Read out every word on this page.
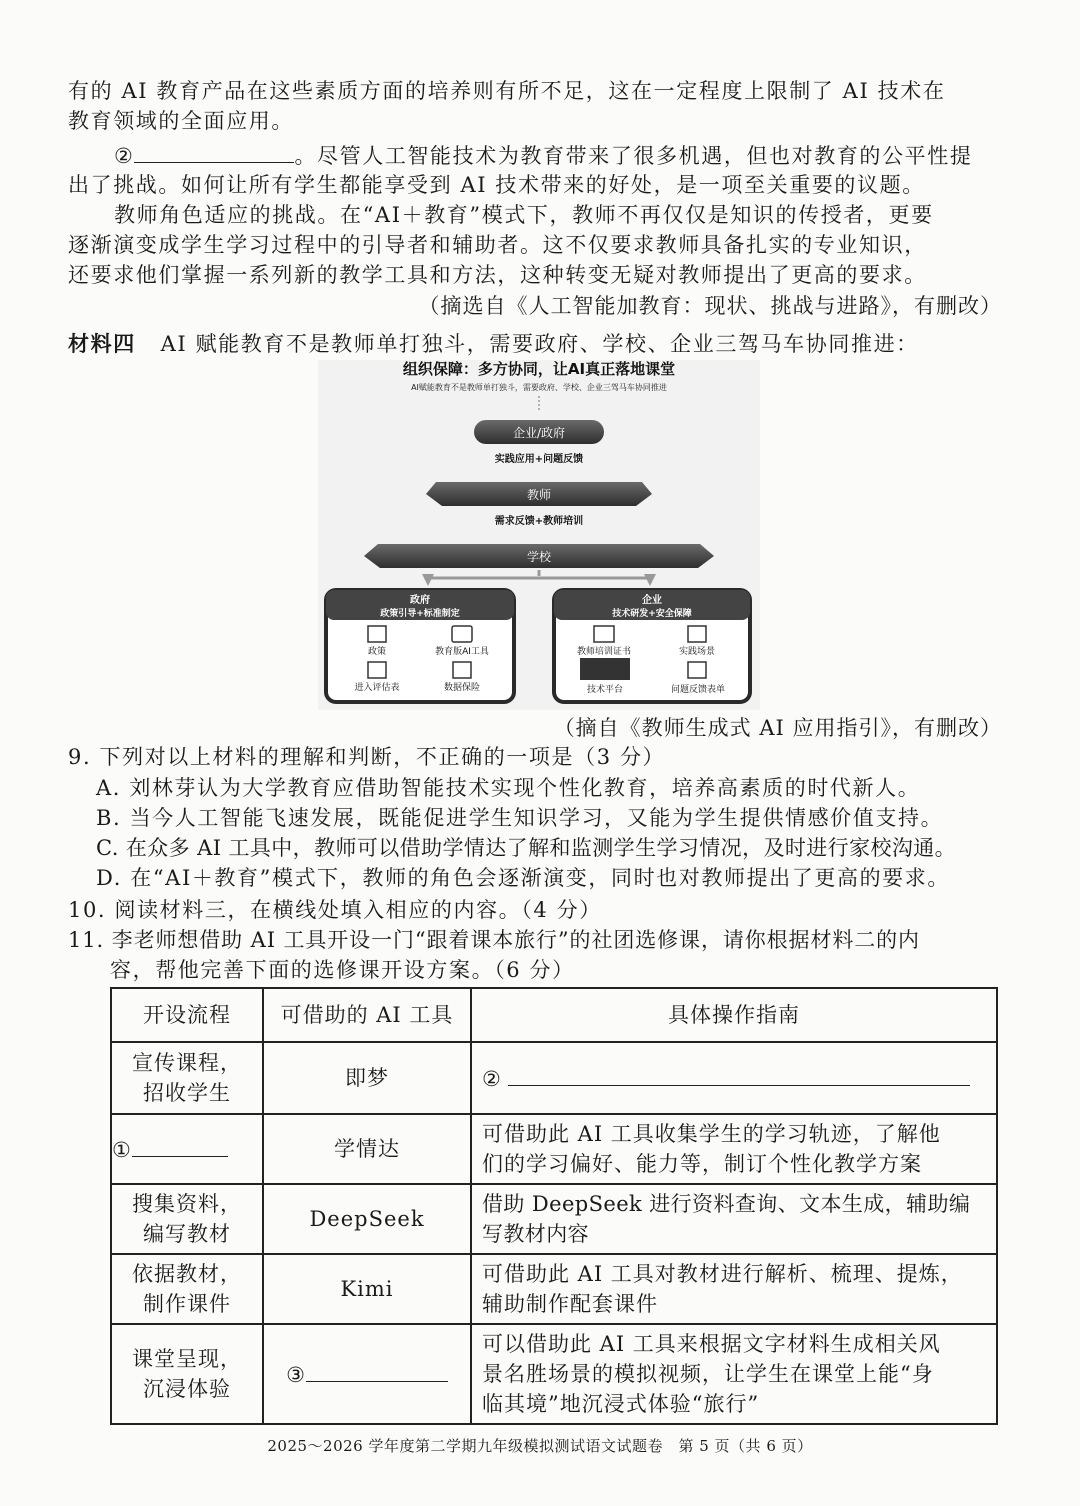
有的 AI 教育产品在这些素质方面的培养则有所不足，这在一定程度上限制了 AI 技术在
教育领域的全面应用。
②	。尽管人工智能技术为教育带来了很多机遇，但也对教育的公平性提
出了挑战。如何让所有学生都能享受到 AI 技术带来的好处，是一项至关重要的议题。
教师角色适应的挑战。在“AI＋教育”模式下，教师不再仅仅是知识的传授者，更要
逐渐演变成学生学习过程中的引导者和辅助者。这不仅要求教师具备扎实的专业知识，
还要求他们掌握一系列新的教学工具和方法，这种转变无疑对教师提出了更高的要求。
（摘选自《人工智能加教育：现状、挑战与进路》，有删改）
材料四 AI 赋能教育不是教师单打独斗，需要政府、学校、企业三驾马车协同推进：
组织保障：多方协同，让AI真正落地课堂
AI赋能教育不是教师单打独斗，需要政府、学校、企业三驾马车协同推进
企业/政府
实践应用+问题反馈
教师
需求反馈+教师培训
学校
政府
政策引导+标准制定
政策	教育版AI工具
进入评估表	数据保险
企业
技术研发+安全保障
教师培训证书	实践场景
技术平台	问题反馈表单
（摘自《教师生成式 AI 应用指引》，有删改）
9. 下列对以上材料的理解和判断，不正确的一项是（3 分）
A. 刘林芽认为大学教育应借助智能技术实现个性化教育，培养高素质的时代新人。
B. 当今人工智能飞速发展，既能促进学生知识学习，又能为学生提供情感价值支持。
C. 在众多 AI 工具中，教师可以借助学情达了解和监测学生学习情况，及时进行家校沟通。
D. 在“AI＋教育”模式下，教师的角色会逐渐演变，同时也对教师提出了更高的要求。
10. 阅读材料三，在横线处填入相应的内容。（4 分）
11. 李老师想借助 AI 工具开设一门“跟着课本旅行”的社团选修课，请你根据材料二的内
容，帮他完善下面的选修课开设方案。（6 分）
开设流程	可借助的 AI 工具	具体操作指南
宣传课程，
招收学生	即梦	②
①	学情达	可借助此 AI 工具收集学生的学习轨迹，了解他
们的学习偏好、能力等，制订个性化教学方案
搜集资料，
编写教材	DeepSeek	借助 DeepSeek 进行资料查询、文本生成，辅助编
写教材内容
依据教材，
制作课件	Kimi	可借助此 AI 工具对教材进行解析、梳理、提炼，
辅助制作配套课件
课堂呈现，
沉浸体验	③	可以借助此 AI 工具来根据文字材料生成相关风
景名胜场景的模拟视频，让学生在课堂上能“身
临其境”地沉浸式体验“旅行”
2025～2026 学年度第二学期九年级模拟测试语文试题卷　第 5 页（共 6 页）
